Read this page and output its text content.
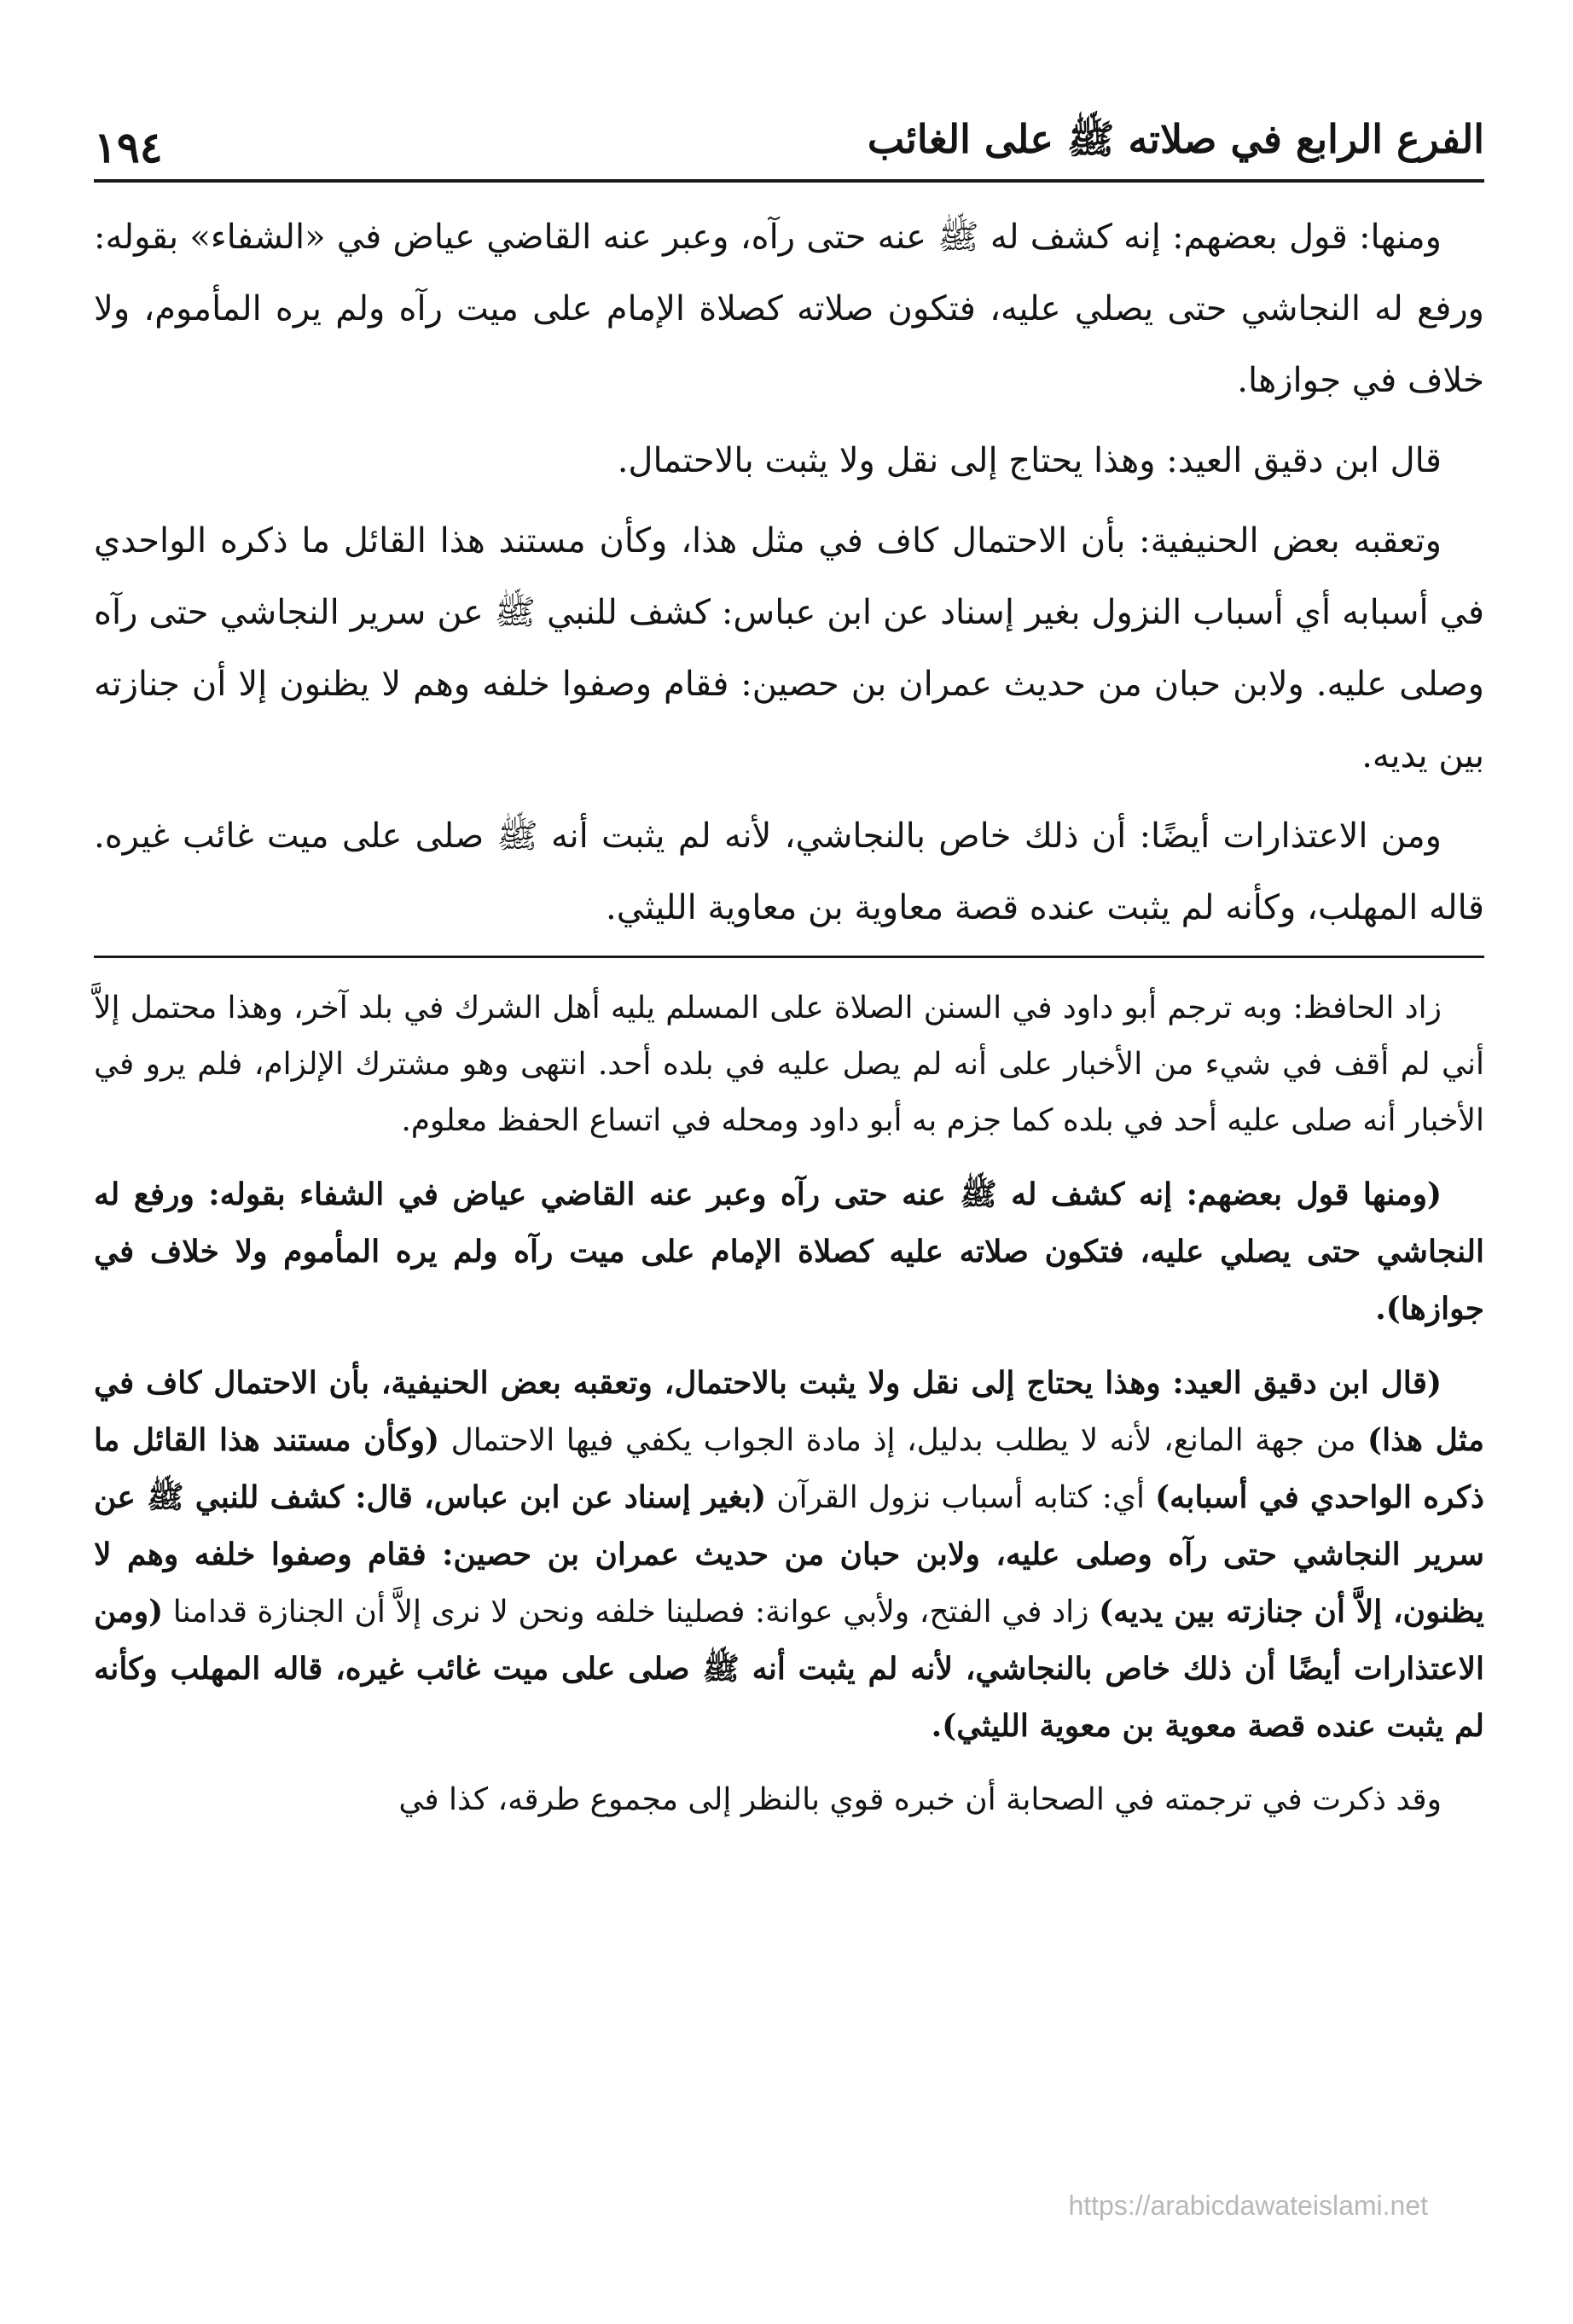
الفرع الرابع في صلاته ﷺ على الغائب
١٩٤

ومنها: قول بعضهم: إنه كشف له ﷺ عنه حتى رآه، وعبر عنه القاضي عياض في «الشفاء» بقوله: ورفع له النجاشي حتى يصلي عليه، فتكون صلاته كصلاة الإمام على ميت رآه ولم يره المأموم، ولا خلاف في جوازها.

قال ابن دقيق العيد: وهذا يحتاج إلى نقل ولا يثبت بالاحتمال.

وتعقبه بعض الحنيفية: بأن الاحتمال كاف في مثل هذا، وكأن مستند هذا القائل ما ذكره الواحدي في أسبابه أي أسباب النزول بغير إسناد عن ابن عباس: كشف للنبي ﷺ عن سرير النجاشي حتى رآه وصلى عليه. ولابن حبان من حديث عمران بن حصين: فقام وصفوا خلفه وهم لا يظنون إلا أن جنازته بين يديه.

ومن الاعتذارات أيضًا: أن ذلك خاص بالنجاشي، لأنه لم يثبت أنه ﷺ صلى على ميت غائب غيره. قاله المهلب، وكأنه لم يثبت عنده قصة معاوية بن معاوية الليثي.

زاد الحافظ: وبه ترجم أبو داود في السنن الصلاة على المسلم يليه أهل الشرك في بلد آخر، وهذا محتمل إلاَّ أني لم أقف في شيء من الأخبار على أنه لم يصل عليه في بلده أحد. انتهى وهو مشترك الإلزام، فلم يرو في الأخبار أنه صلى عليه أحد في بلده كما جزم به أبو داود ومحله في اتساع الحفظ معلوم.

(ومنها قول بعضهم: إنه كشف له ﷺ عنه حتى رآه وعبر عنه القاضي عياض في الشفاء بقوله: ورفع له النجاشي حتى يصلي عليه، فتكون صلاته عليه كصلاة الإمام على ميت رآه ولم يره المأموم ولا خلاف في جوازها).

(قال ابن دقيق العيد: وهذا يحتاج إلى نقل ولا يثبت بالاحتمال، وتعقبه بعض الحنيفية، بأن الاحتمال كاف في مثل هذا) من جهة المانع، لأنه لا يطلب بدليل، إذ مادة الجواب يكفي فيها الاحتمال (وكأن مستند هذا القائل ما ذكره الواحدي في أسبابه) أي: كتابه أسباب نزول القرآن (بغير إسناد عن ابن عباس، قال: كشف للنبي ﷺ عن سرير النجاشي حتى رآه وصلى عليه، ولابن حبان من حديث عمران بن حصين: فقام وصفوا خلفه وهم لا يظنون، إلاَّ أن جنازته بين يديه) زاد في الفتح، ولأبي عوانة: فصلينا خلفه ونحن لا نرى إلاَّ أن الجنازة قدامنا (ومن الاعتذارات أيضًا أن ذلك خاص بالنجاشي، لأنه لم يثبت أنه ﷺ صلى على ميت غائب غيره، قاله المهلب وكأنه لم يثبت عنده قصة معوية بن معوية الليثي).

وقد ذكرت في ترجمته في الصحابة أن خبره قوي بالنظر إلى مجموع طرقه، كذا في

https://arabicdawateislami.net
